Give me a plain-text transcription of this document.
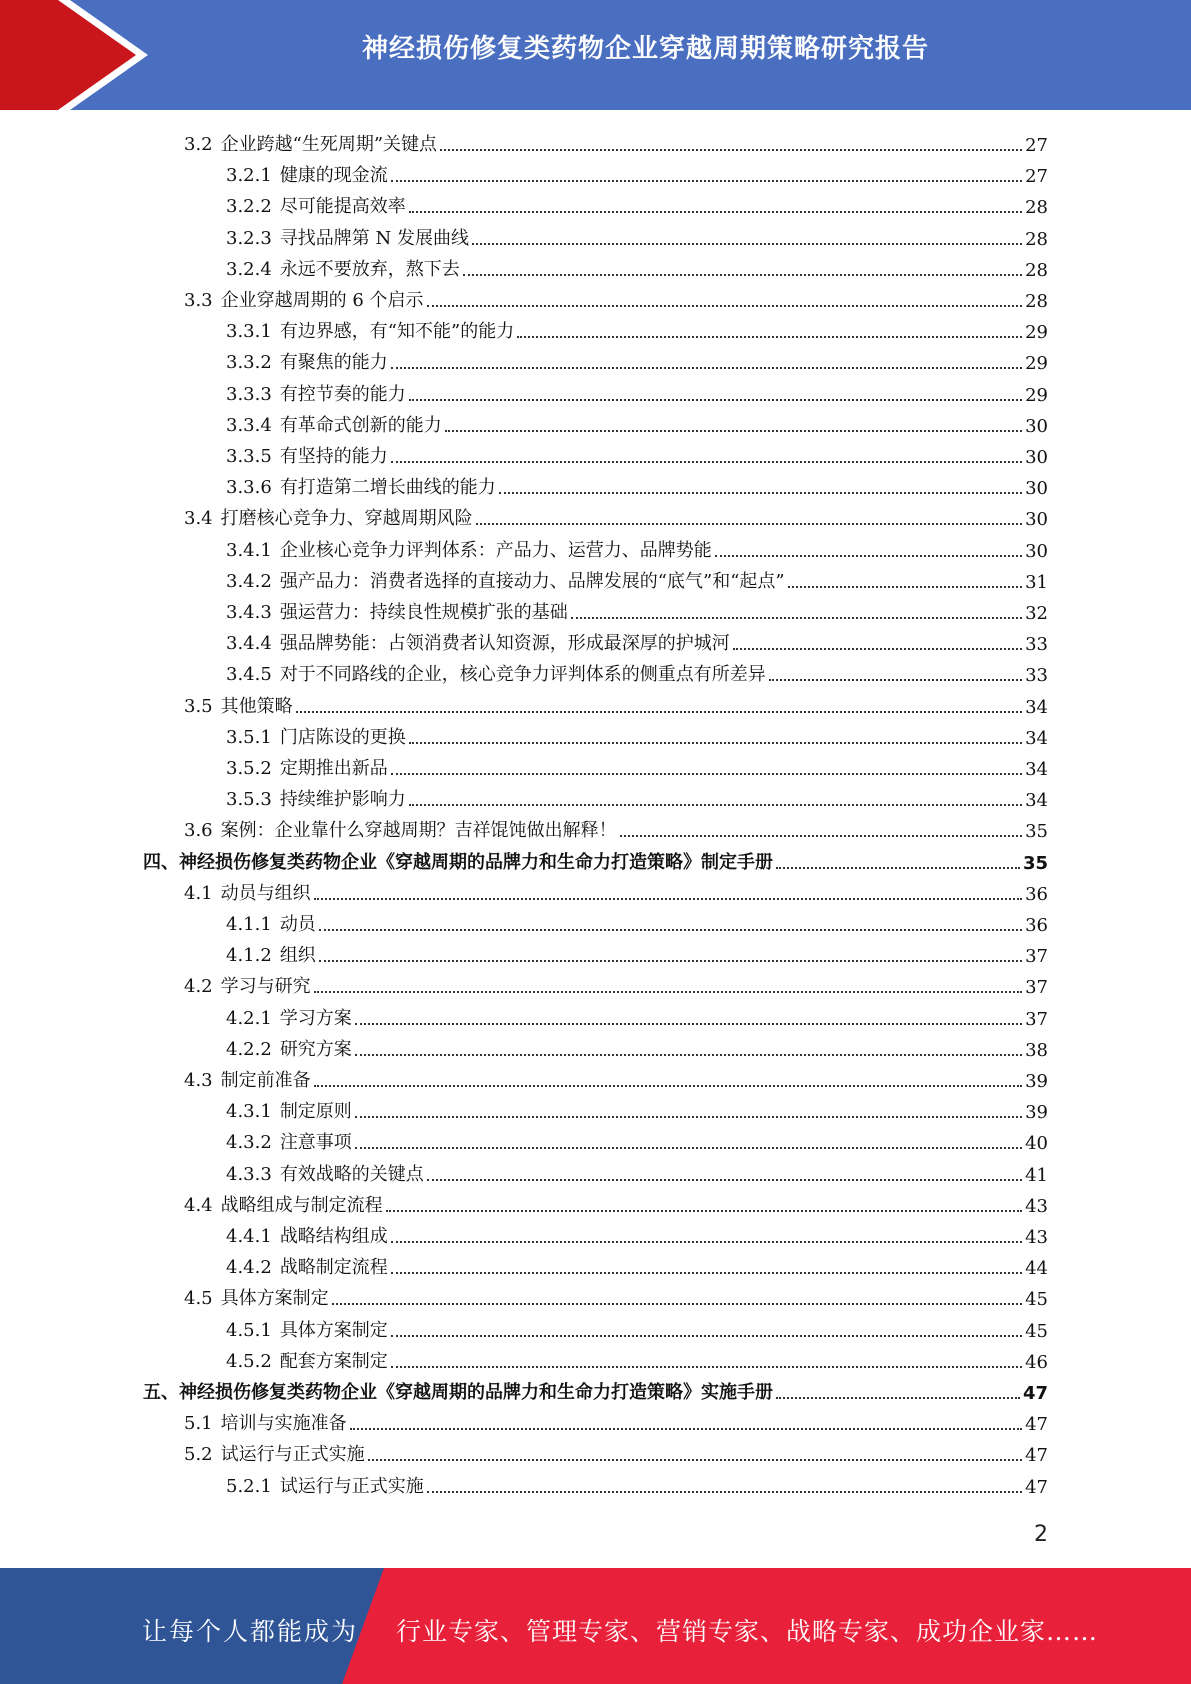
神经损伤修复类药物企业穿越周期策略研究报告
3.2 企业跨越“生死周期”关键点	27
3.2.1 健康的现金流	27
3.2.2 尽可能提高效率	28
3.2.3 寻找品牌第 N 发展曲线	28
3.2.4 永远不要放弃，熬下去	28
3.3 企业穿越周期的 6 个启示	28
3.3.1 有边界感，有“知不能”的能力	29
3.3.2 有聚焦的能力	29
3.3.3 有控节奏的能力	29
3.3.4 有革命式创新的能力	30
3.3.5 有坚持的能力	30
3.3.6 有打造第二增长曲线的能力	30
3.4 打磨核心竞争力、穿越周期风险	30
3.4.1 企业核心竞争力评判体系：产品力、运营力、品牌势能	30
3.4.2 强产品力：消费者选择的直接动力、品牌发展的“底气”和“起点”	31
3.4.3 强运营力：持续良性规模扩张的基础	32
3.4.4 强品牌势能：占领消费者认知资源，形成最深厚的护城河	33
3.4.5 对于不同路线的企业，核心竞争力评判体系的侧重点有所差异	33
3.5 其他策略	34
3.5.1 门店陈设的更换	34
3.5.2 定期推出新品	34
3.5.3 持续维护影响力	34
3.6 案例：企业靠什么穿越周期？吉祥馄饨做出解释！	35
四、神经损伤修复类药物企业《穿越周期的品牌力和生命力打造策略》制定手册	35
4.1 动员与组织	36
4.1.1 动员	36
4.1.2 组织	37
4.2 学习与研究	37
4.2.1 学习方案	37
4.2.2 研究方案	38
4.3 制定前准备	39
4.3.1 制定原则	39
4.3.2 注意事项	40
4.3.3 有效战略的关键点	41
4.4 战略组成与制定流程	43
4.4.1 战略结构组成	43
4.4.2 战略制定流程	44
4.5 具体方案制定	45
4.5.1 具体方案制定	45
4.5.2 配套方案制定	46
五、神经损伤修复类药物企业《穿越周期的品牌力和生命力打造策略》实施手册	47
5.1 培训与实施准备	47
5.2 试运行与正式实施	47
5.2.1 试运行与正式实施	47
2
让每个人都能成为 行业专家、管理专家、营销专家、战略专家、成功企业家……
